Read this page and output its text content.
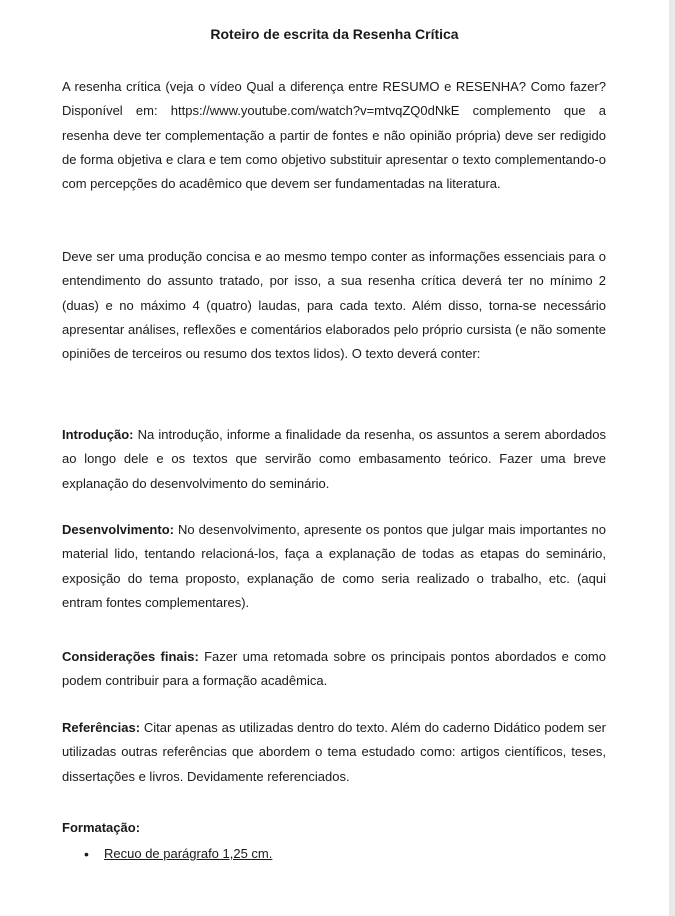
Roteiro de escrita da Resenha Crítica
A resenha crítica (veja o vídeo Qual a diferença entre RESUMO e RESENHA? Como fazer? Disponível em: https://www.youtube.com/watch?v=mtvqZQ0dNkE complemento que a resenha deve ter complementação a partir de fontes e não opinião própria) deve ser redigido de forma objetiva e clara e tem como objetivo substituir apresentar o texto complementando-o com percepções do acadêmico que devem ser fundamentadas na literatura.
Deve ser uma produção concisa e ao mesmo tempo conter as informações essenciais para o entendimento do assunto tratado, por isso, a sua resenha crítica deverá ter no mínimo 2 (duas) e no máximo 4 (quatro) laudas, para cada texto. Além disso, torna-se necessário apresentar análises, reflexões e comentários elaborados pelo próprio cursista (e não somente opiniões de terceiros ou resumo dos textos lidos). O texto deverá conter:
Introdução: Na introdução, informe a finalidade da resenha, os assuntos a serem abordados ao longo dele e os textos que servirão como embasamento teórico. Fazer uma breve explanação do desenvolvimento do seminário.
Desenvolvimento: No desenvolvimento, apresente os pontos que julgar mais importantes no material lido, tentando relacioná-los, faça a explanação de todas as etapas do seminário, exposição do tema proposto, explanação de como seria realizado o trabalho, etc. (aqui entram fontes complementares).
Considerações finais: Fazer uma retomada sobre os principais pontos abordados e como podem contribuir para a formação acadêmica.
Referências: Citar apenas as utilizadas dentro do texto. Além do caderno Didático podem ser utilizadas outras referências que abordem o tema estudado como: artigos científicos, teses, dissertações e livros. Devidamente referenciados.
Formatação:
• Recuo de parágrafo 1,25 cm.
